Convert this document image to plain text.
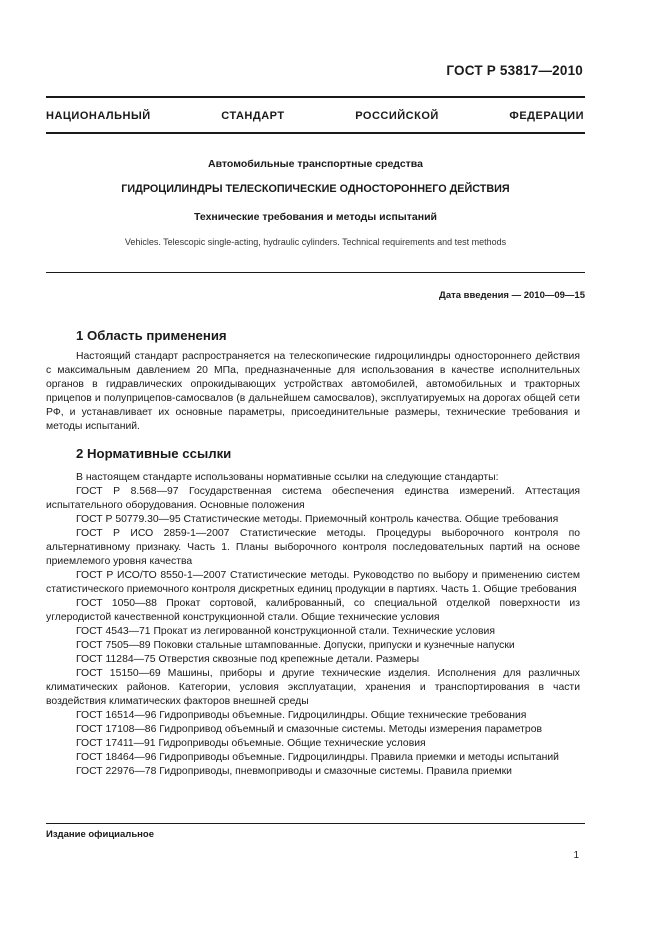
ГОСТ Р 53817—2010
НАЦИОНАЛЬНЫЙ СТАНДАРТ РОССИЙСКОЙ ФЕДЕРАЦИИ
Автомобильные транспортные средства
ГИДРОЦИЛИНДРЫ ТЕЛЕСКОПИЧЕСКИЕ ОДНОСТОРОННЕГО ДЕЙСТВИЯ
Технические требования и методы испытаний
Vehicles. Telescopic single-acting, hydraulic cylinders. Technical requirements and test methods
Дата введения — 2010—09—15
1 Область применения

Настоящий стандарт распространяется на телескопические гидроцилиндры одностороннего действия с максимальным давлением 20 МПа, предназначенные для использования в качестве исполнительных органов в гидравлических опрокидывающих устройствах автомобилей, автомобильных и тракторных прицепов и полуприцепов-самосвалов (в дальнейшем самосвалов), эксплуатируемых на дорогах общей сети РФ, и устанавливает их основные параметры, присоединительные размеры, технические требования и методы испытаний.

2 Нормативные ссылки

В настоящем стандарте использованы нормативные ссылки на следующие стандарты:

ГОСТ Р 8.568—97 Государственная система обеспечения единства измерений. Аттестация испытательного оборудования. Основные положения

ГОСТ Р 50779.30—95 Статистические методы. Приемочный контроль качества. Общие требования

ГОСТ Р ИСО 2859-1—2007 Статистические методы. Процедуры выборочного контроля по альтернативному признаку. Часть 1. Планы выборочного контроля последовательных партий на основе приемлемого уровня качества

ГОСТ Р ИСО/ТО 8550-1—2007 Статистические методы. Руководство по выбору и применению систем статистического приемочного контроля дискретных единиц продукции в партиях. Часть 1. Общие требования

ГОСТ 1050—88 Прокат сортовой, калиброванный, со специальной отделкой поверхности из углеродистой качественной конструкционной стали. Общие технические условия

ГОСТ 4543—71 Прокат из легированной конструкционной стали. Технические условия

ГОСТ 7505—89 Поковки стальные штампованные. Допуски, припуски и кузнечные напуски

ГОСТ 11284—75 Отверстия сквозные под крепежные детали. Размеры

ГОСТ 15150—69 Машины, приборы и другие технические изделия. Исполнения для различных климатических районов. Категории, условия эксплуатации, хранения и транспортирования в части воздействия климатических факторов внешней среды

ГОСТ 16514—96 Гидроприводы объемные. Гидроцилиндры. Общие технические требования

ГОСТ 17108—86 Гидропривод объемный и смазочные системы. Методы измерения параметров

ГОСТ 17411—91 Гидроприводы объемные. Общие технические условия

ГОСТ 18464—96 Гидроприводы объемные. Гидроцилиндры. Правила приемки и методы испытаний

ГОСТ 22976—78 Гидроприводы, пневмоприводы и смазочные системы. Правила приемки

Издание официальное
1
